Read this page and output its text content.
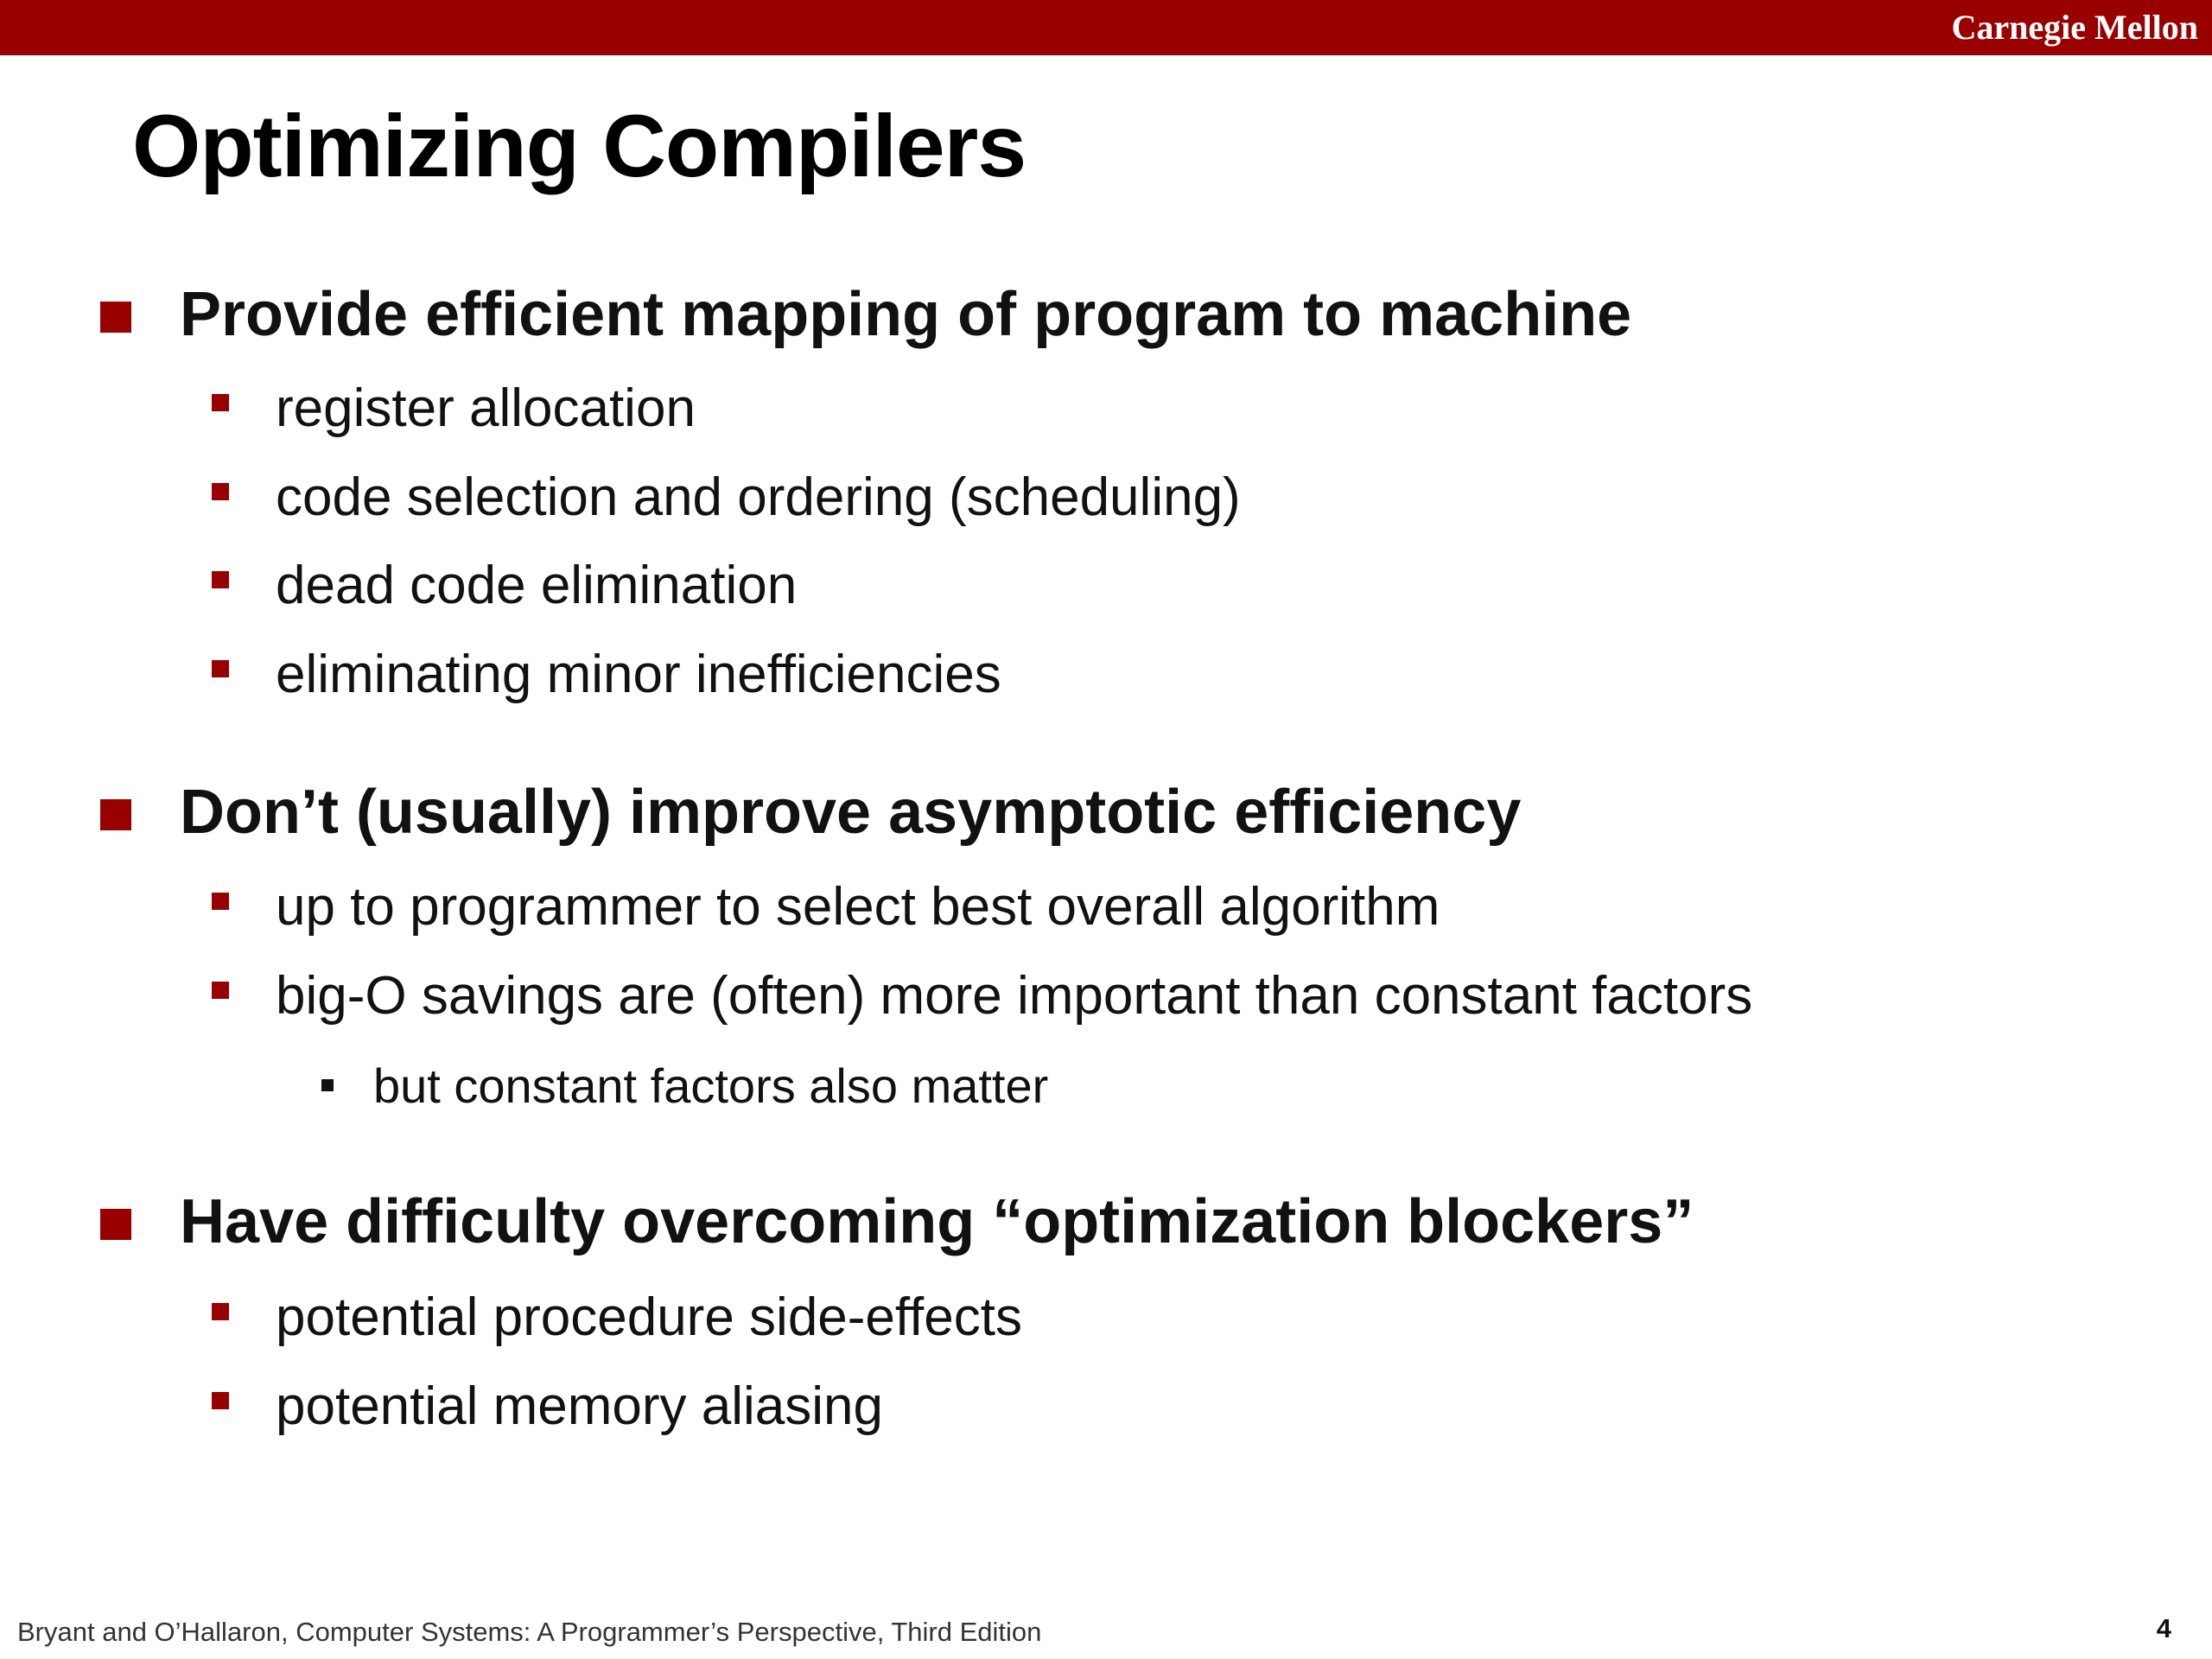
Carnegie Mellon
Optimizing Compilers
Provide efficient mapping of program to machine
register allocation
code selection and ordering (scheduling)
dead code elimination
eliminating minor inefficiencies
Don’t (usually) improve asymptotic efficiency
up to programmer to select best overall algorithm
big-O savings are (often) more important than constant factors
but constant factors also matter
Have difficulty overcoming “optimization blockers”
potential procedure side-effects
potential memory aliasing
Bryant and O’Hallaron, Computer Systems: A Programmer’s Perspective, Third Edition	4
